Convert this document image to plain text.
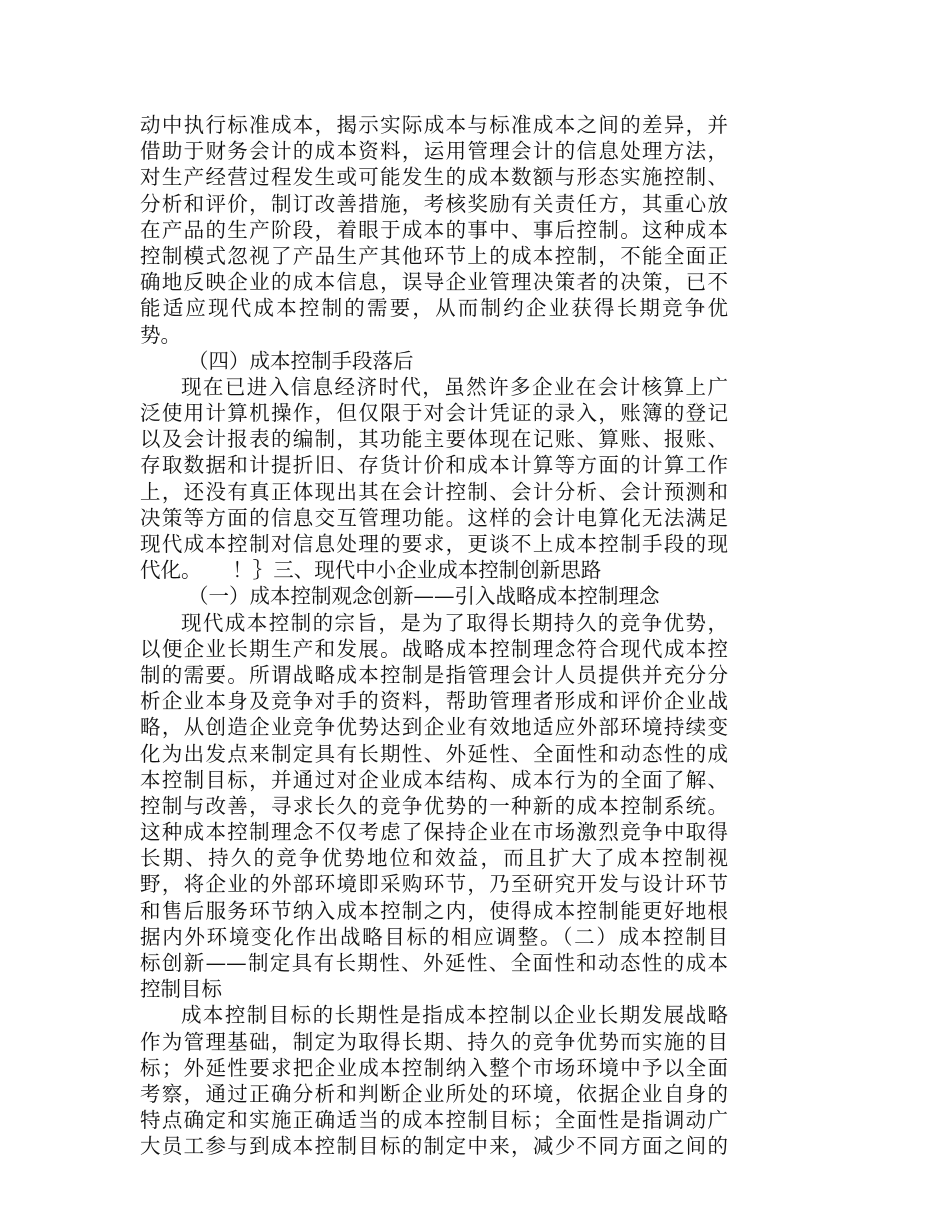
动中执行标准成本，揭示实际成本与标准成本之间的差异，并
借助于财务会计的成本资料，运用管理会计的信息处理方法，
对生产经营过程发生或可能发生的成本数额与形态实施控制、
分析和评价，制订改善措施，考核奖励有关责任方，其重心放
在产品的生产阶段，着眼于成本的事中、事后控制。这种成本
控制模式忽视了产品生产其他环节上的成本控制，不能全面正
确地反映企业的成本信息，误导企业管理决策者的决策，已不
能适应现代成本控制的需要，从而制约企业获得长期竞争优
势。
（四）成本控制手段落后
现在已进入信息经济时代，虽然许多企业在会计核算上广
泛使用计算机操作，但仅限于对会计凭证的录入，账簿的登记
以及会计报表的编制，其功能主要体现在记账、算账、报账、
存取数据和计提折旧、存货计价和成本计算等方面的计算工作
上，还没有真正体现出其在会计控制、会计分析、会计预测和
决策等方面的信息交互管理功能。这样的会计电算化无法满足
现代成本控制对信息处理的要求，更谈不上成本控制手段的现
代化。　　！｝三、现代中小企业成本控制创新思路
（一）成本控制观念创新——引入战略成本控制理念
现代成本控制的宗旨，是为了取得长期持久的竞争优势，
以便企业长期生产和发展。战略成本控制理念符合现代成本控
制的需要。所谓战略成本控制是指管理会计人员提供并充分分
析企业本身及竞争对手的资料，帮助管理者形成和评价企业战
略，从创造企业竞争优势达到企业有效地适应外部环境持续变
化为出发点来制定具有长期性、外延性、全面性和动态性的成
本控制目标，并通过对企业成本结构、成本行为的全面了解、
控制与改善，寻求长久的竞争优势的一种新的成本控制系统。
这种成本控制理念不仅考虑了保持企业在市场激烈竞争中取得
长期、持久的竞争优势地位和效益，而且扩大了成本控制视
野，将企业的外部环境即采购环节，乃至研究开发与设计环节
和售后服务环节纳入成本控制之内，使得成本控制能更好地根
据内外环境变化作出战略目标的相应调整。（二）成本控制目
标创新——制定具有长期性、外延性、全面性和动态性的成本
控制目标
成本控制目标的长期性是指成本控制以企业长期发展战略
作为管理基础，制定为取得长期、持久的竞争优势而实施的目
标；外延性要求把企业成本控制纳入整个市场环境中予以全面
考察，通过正确分析和判断企业所处的环境，依据企业自身的
特点确定和实施正确适当的成本控制目标；全面性是指调动广
大员工参与到成本控制目标的制定中来，减少不同方面之间的
